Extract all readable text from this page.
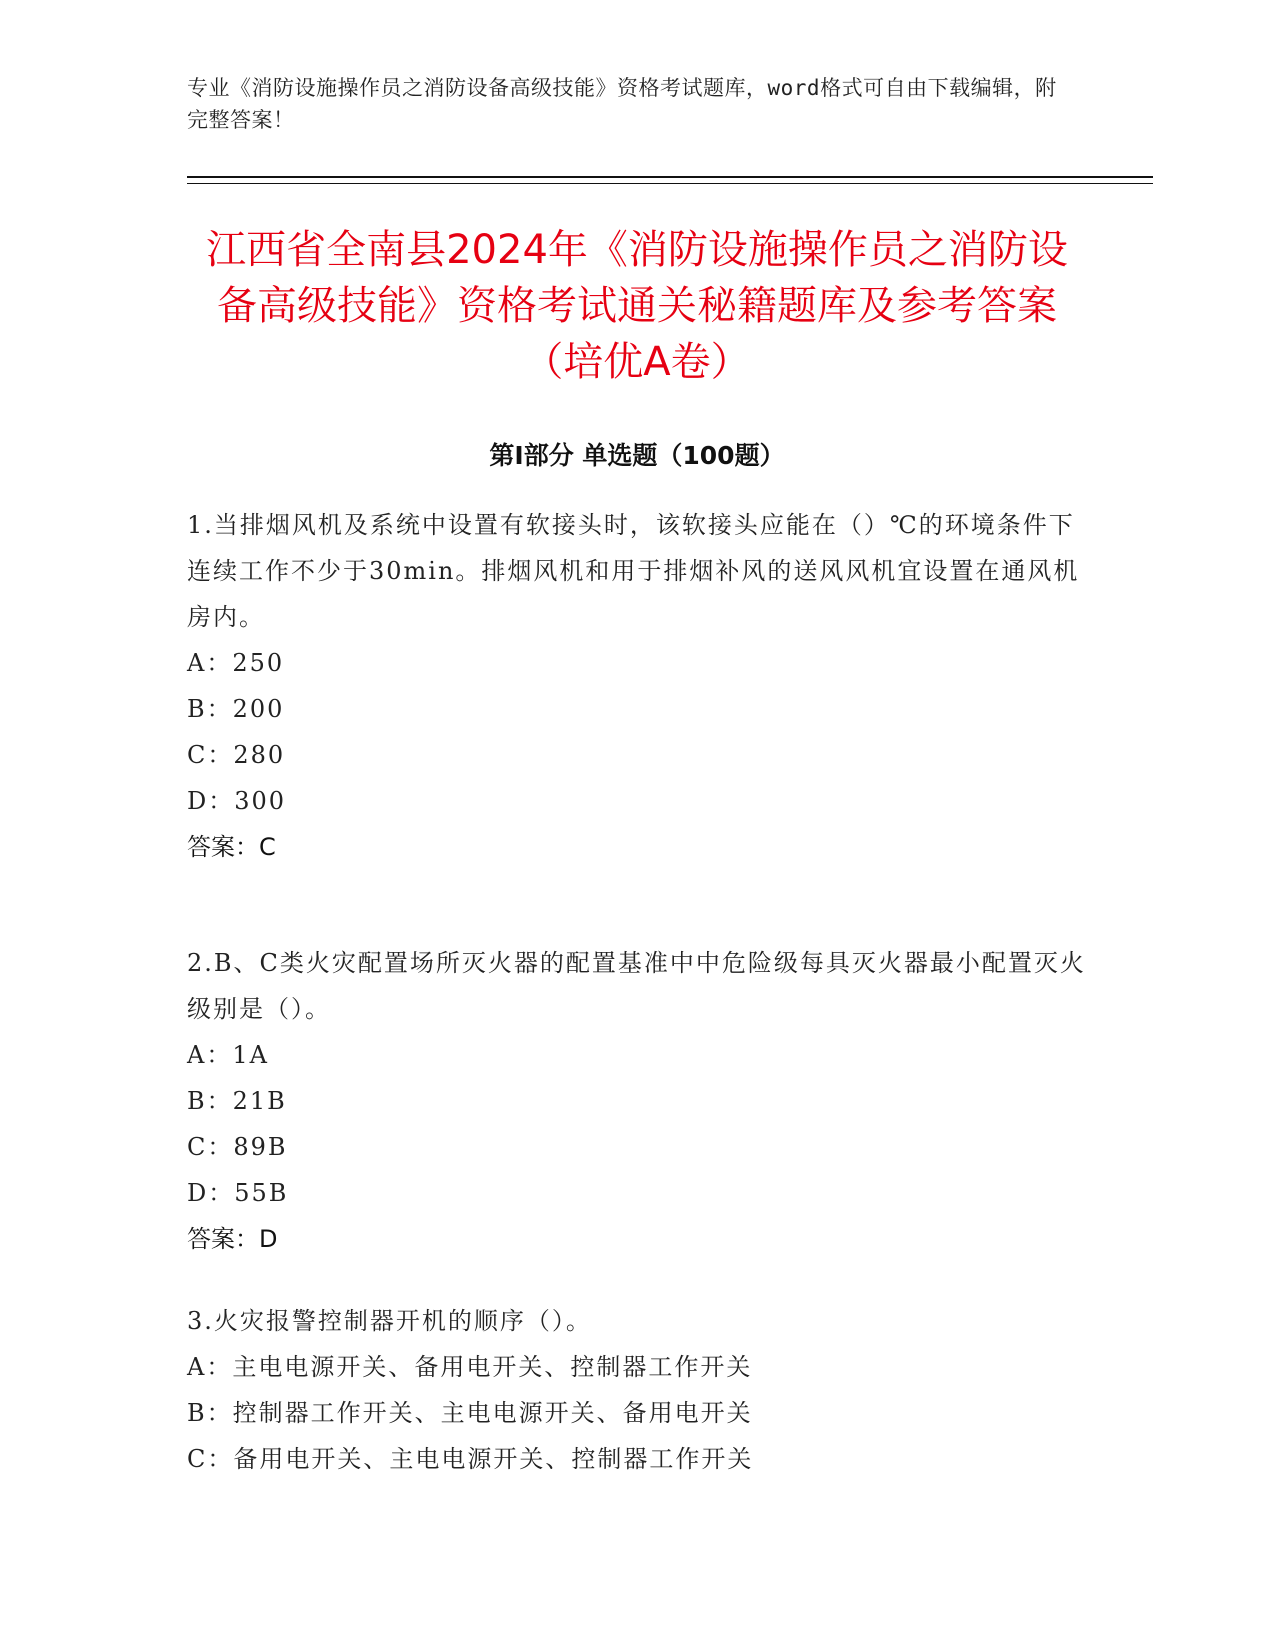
专业《消防设施操作员之消防设备高级技能》资格考试题库，word格式可自由下载编辑，附完整答案！
江西省全南县2024年《消防设施操作员之消防设备高级技能》资格考试通关秘籍题库及参考答案（培优A卷）
第Ⅰ部分 单选题（100题）
1.当排烟风机及系统中设置有软接头时，该软接头应能在（）℃的环境条件下连续工作不少于30min。排烟风机和用于排烟补风的送风风机宜设置在通风机房内。
A：250
B：200
C：280
D：300
答案：C
2.B、C类火灾配置场所灭火器的配置基准中中危险级每具灭火器最小配置灭火级别是（）。
A：1A
B：21B
C：89B
D：55B
答案：D
3.火灾报警控制器开机的顺序（）。
A：主电电源开关、备用电开关、控制器工作开关
B：控制器工作开关、主电电源开关、备用电开关
C：备用电开关、主电电源开关、控制器工作开关
